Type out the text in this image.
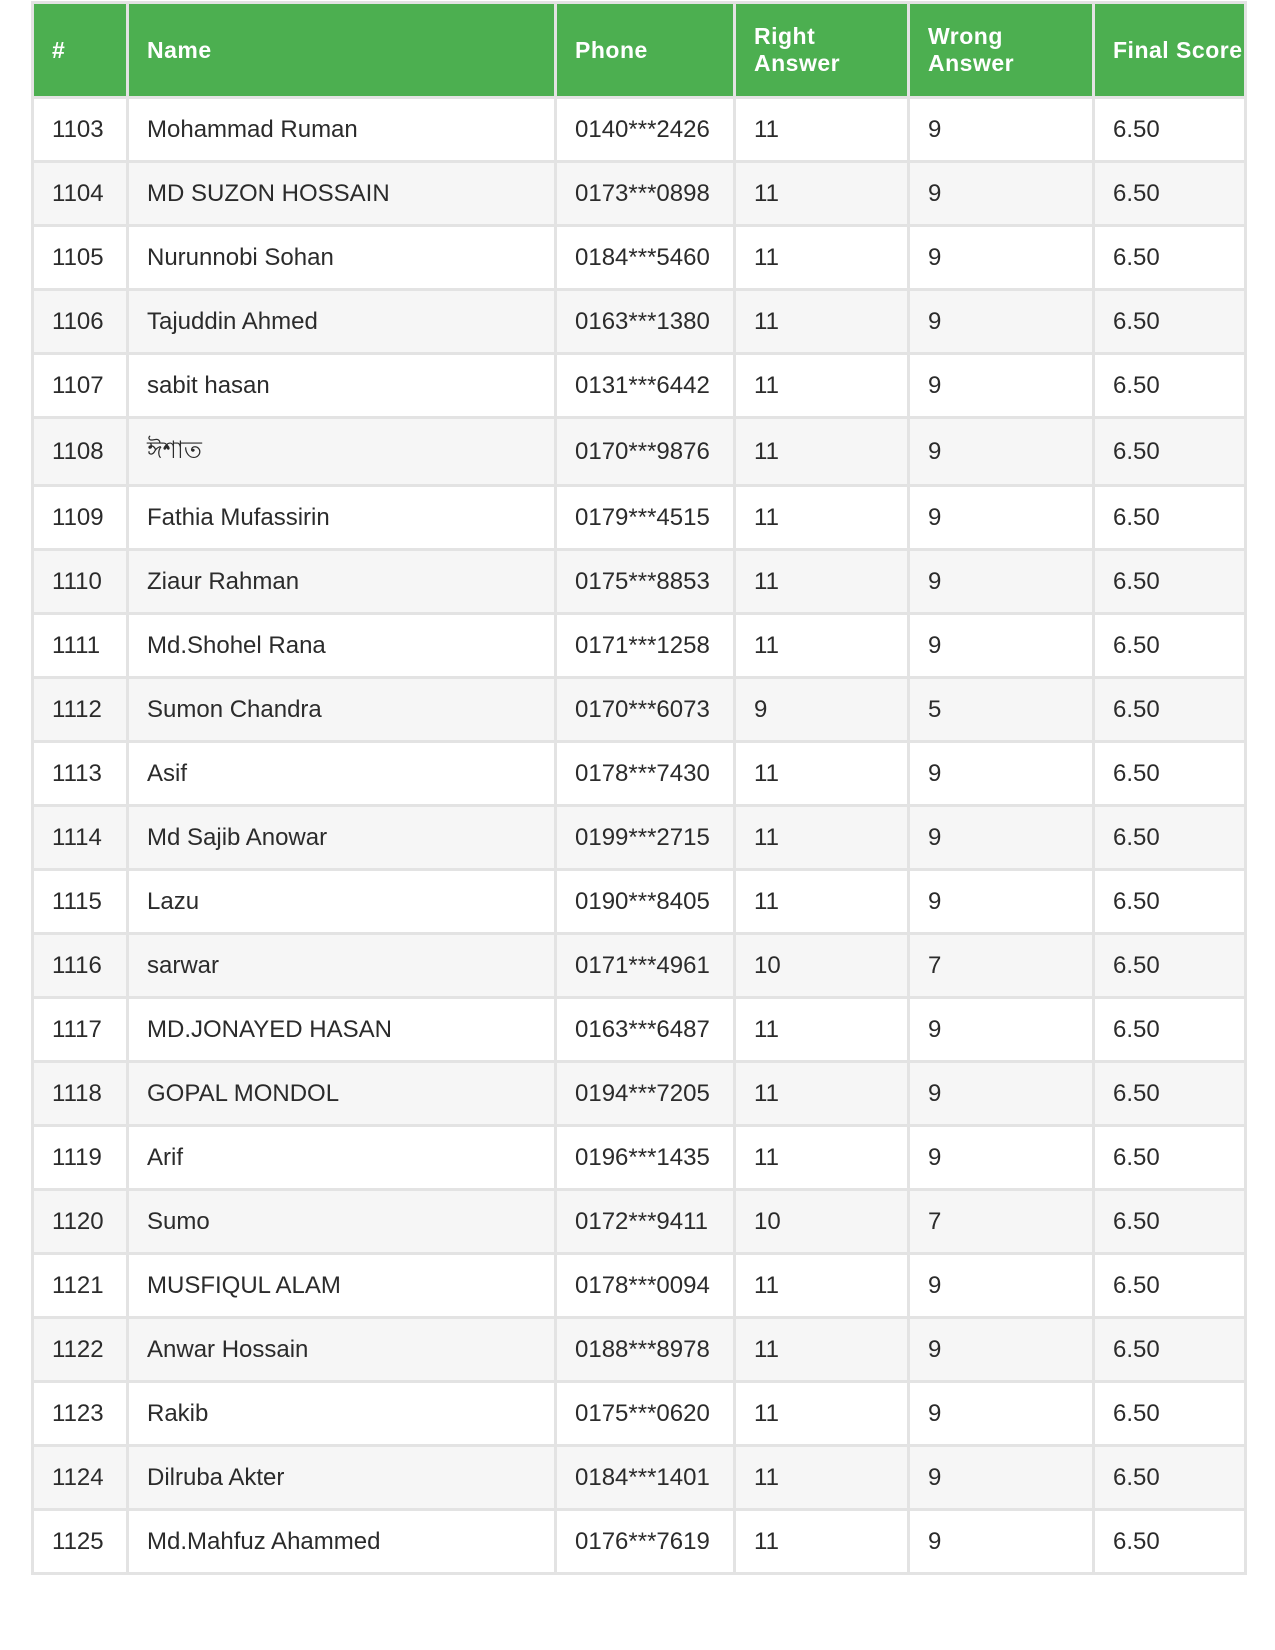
#	Name	Phone	Right Answer	Wrong Answer	Final Score
1103	Mohammad Ruman	0140***2426	11	9	6.50
1104	MD SUZON HOSSAIN	0173***0898	11	9	6.50
1105	Nurunnobi Sohan	0184***5460	11	9	6.50
1106	Tajuddin Ahmed	0163***1380	11	9	6.50
1107	sabit hasan	0131***6442	11	9	6.50
1108	ঈশাত	0170***9876	11	9	6.50
1109	Fathia Mufassirin	0179***4515	11	9	6.50
1110	Ziaur Rahman	0175***8853	11	9	6.50
1111	Md.Shohel Rana	0171***1258	11	9	6.50
1112	Sumon Chandra	0170***6073	9	5	6.50
1113	Asif	0178***7430	11	9	6.50
1114	Md Sajib Anowar	0199***2715	11	9	6.50
1115	Lazu	0190***8405	11	9	6.50
1116	sarwar	0171***4961	10	7	6.50
1117	MD.JONAYED HASAN	0163***6487	11	9	6.50
1118	GOPAL MONDOL	0194***7205	11	9	6.50
1119	Arif	0196***1435	11	9	6.50
1120	Sumo	0172***9411	10	7	6.50
1121	MUSFIQUL ALAM	0178***0094	11	9	6.50
1122	Anwar Hossain	0188***8978	11	9	6.50
1123	Rakib	0175***0620	11	9	6.50
1124	Dilruba Akter	0184***1401	11	9	6.50
1125	Md.Mahfuz Ahammed	0176***7619	11	9	6.50
